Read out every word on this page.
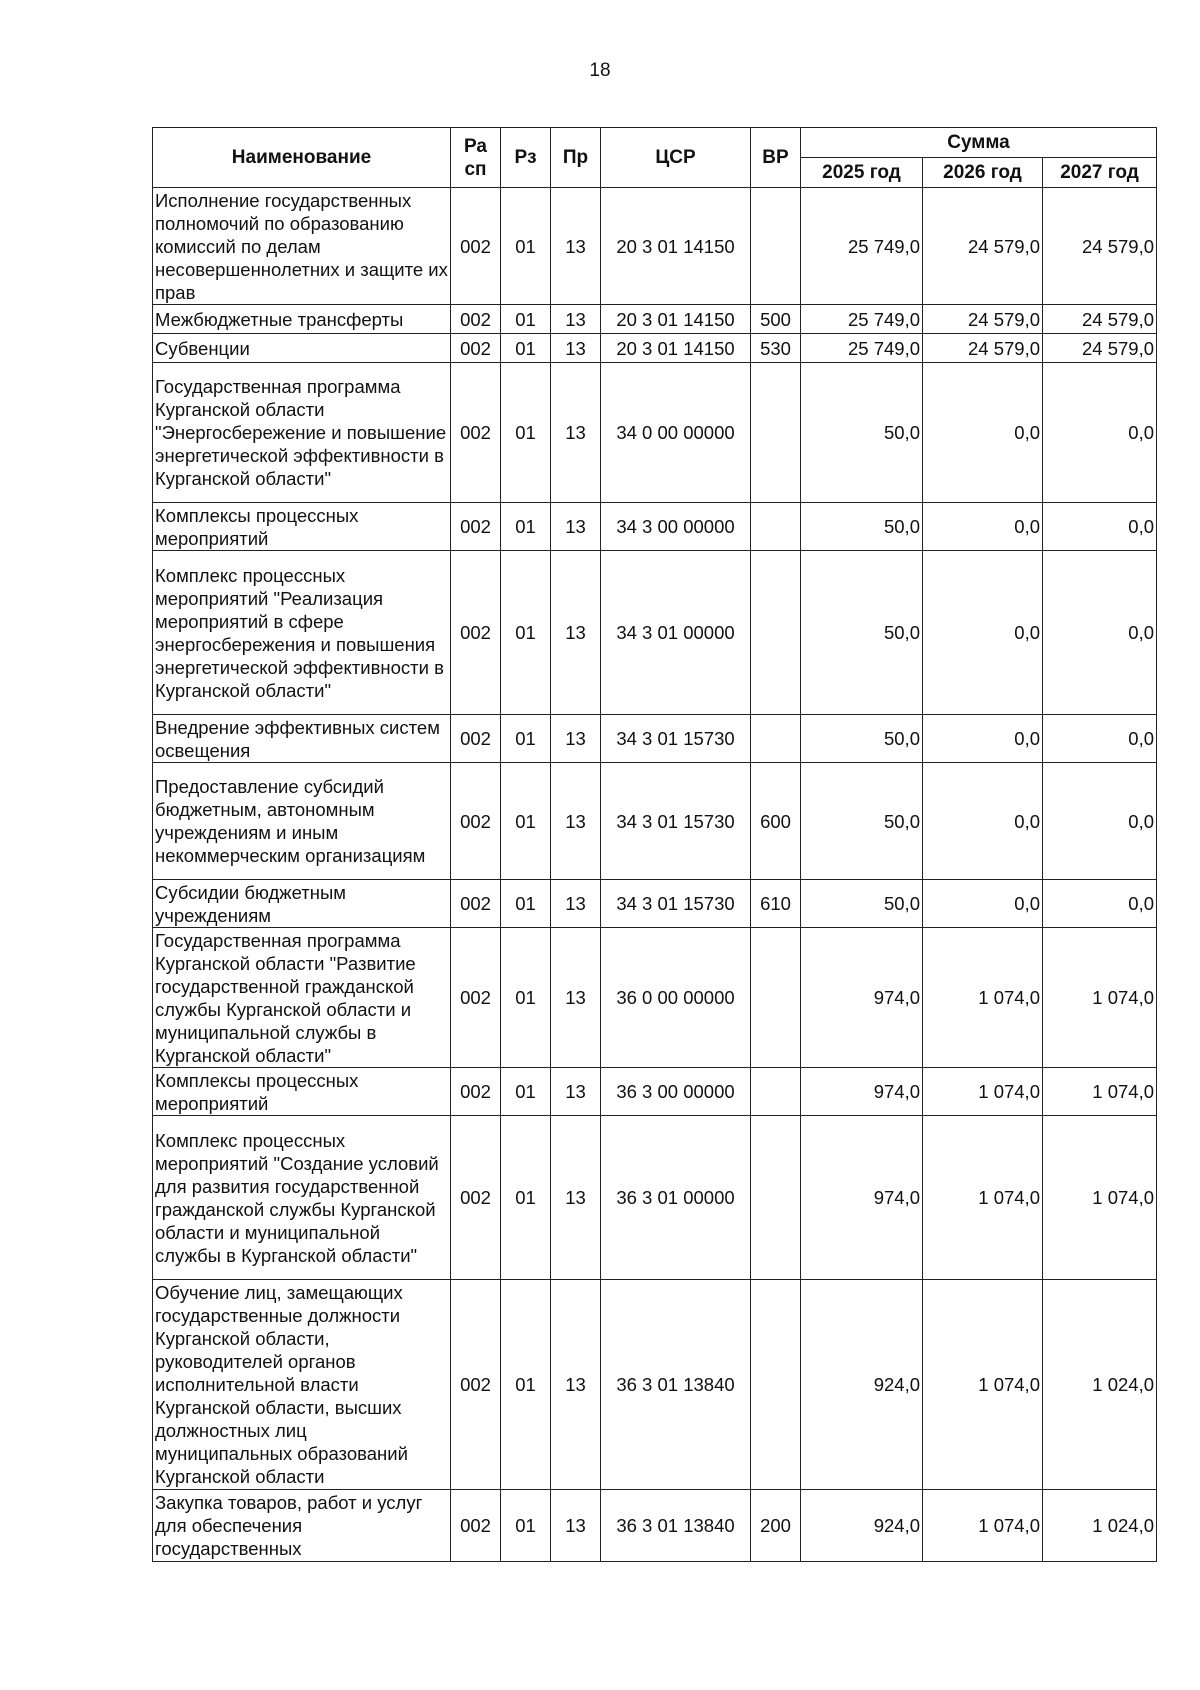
18
Наименование	Ра сп	Рз	Пр	ЦСР	ВР	Сумма		
						2025 год	2026 год	2027 год
Исполнение государственных полномочий по образованию комиссий по делам несовершеннолетних и защите их прав	002	01	13	20 3 01 14150		25 749,0	24 579,0	24 579,0
Межбюджетные трансферты	002	01	13	20 3 01 14150	500	25 749,0	24 579,0	24 579,0
Субвенции	002	01	13	20 3 01 14150	530	25 749,0	24 579,0	24 579,0
Государственная программа Курганской области "Энергосбережение и повышение энергетической эффективности в Курганской области"	002	01	13	34 0 00 00000		50,0	0,0	0,0
Комплексы процессных мероприятий	002	01	13	34 3 00 00000		50,0	0,0	0,0
Комплекс процессных мероприятий "Реализация мероприятий в сфере энергосбережения и повышения энергетической эффективности в Курганской области"	002	01	13	34 3 01 00000		50,0	0,0	0,0
Внедрение эффективных систем освещения	002	01	13	34 3 01 15730		50,0	0,0	0,0
Предоставление субсидий бюджетным, автономным учреждениям и иным некоммерческим организациям	002	01	13	34 3 01 15730	600	50,0	0,0	0,0
Субсидии бюджетным учреждениям	002	01	13	34 3 01 15730	610	50,0	0,0	0,0
Государственная программа Курганской области "Развитие государственной гражданской службы Курганской области и муниципальной службы в Курганской области"	002	01	13	36 0 00 00000		974,0	1 074,0	1 074,0
Комплексы процессных мероприятий	002	01	13	36 3 00 00000		974,0	1 074,0	1 074,0
Комплекс процессных мероприятий "Создание условий для развития государственной гражданской службы Курганской области и муниципальной службы в Курганской области"	002	01	13	36 3 01 00000		974,0	1 074,0	1 074,0
Обучение лиц, замещающих государственные должности Курганской области, руководителей органов исполнительной власти Курганской области, высших должностных лиц муниципальных образований Курганской области	002	01	13	36 3 01 13840		924,0	1 074,0	1 024,0
Закупка товаров, работ и услуг для обеспечения государственных	002	01	13	36 3 01 13840	200	924,0	1 074,0	1 024,0
